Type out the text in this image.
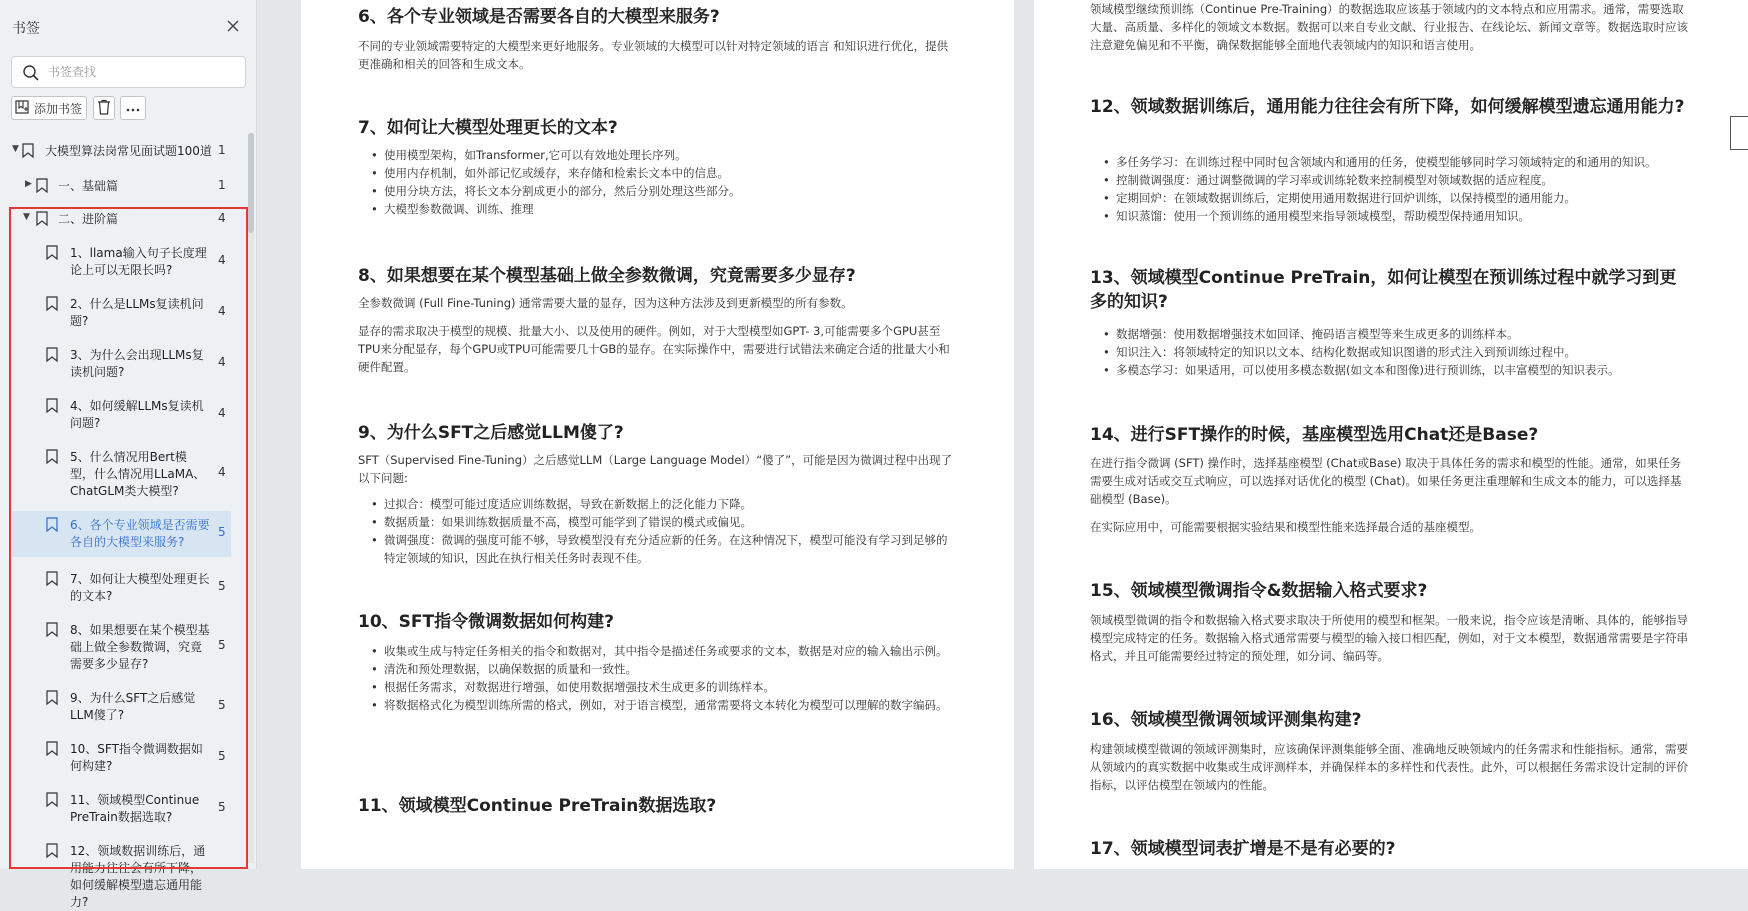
书签
书签查找
添加书签
▼ 大模型算法岗常见面试题100道 1
▶ 一、基础篇	1
▼ 二、进阶篇	4
1、llama输入句子长度理论上可以无限长吗?
4
2、什么是LLMs复读机问题?
4
3、为什么会出现LLMs复读机问题?
4
4、如何缓解LLMs复读机问题?
4
5、什么情况用Bert模型，什么情况用LLaMA、ChatGLM类大模型?
4
6、各个专业领域是否需要各自的大模型来服务?
5
7、如何让大模型处理更长的文本?
5
8、如果想要在某个模型基础上做全参数微调，究竟需要多少显存?
5
9、为什么SFT之后感觉LLM傻了?
5
10、SFT指令微调数据如何构建?
5
11、领域模型Continue PreTrain数据选取?
5
12、领域数据训练后，通用能力往往会有所下降，如何缓解模型遗忘通用能力?
6、各个专业领域是否需要各自的大模型来服务?

不同的专业领域需要特定的大模型来更好地服务。专业领域的大模型可以针对特定领域的语言 和知识进行优化，提供更准确和相关的回答和生成文本。

7、如何让大模型处理更长的文本?
• 使用模型架构，如Transformer,它可以有效地处理长序列。
• 使用内存机制，如外部记忆或缓存，来存储和检索长文本中的信息。
• 使用分块方法，将长文本分割成更小的部分，然后分别处理这些部分。
• 大模型参数微调、训练、推理
8、如果想要在某个模型基础上做全参数微调，究竟需要多少显存?

全参数微调 (Full Fine-Tuning) 通常需要大量的显存，因为这种方法涉及到更新模型的所有参数。

显存的需求取决于模型的规模、批量大小、以及使用的硬件。例如，对于大型模型如GPT- 3,可能需要多个GPU甚至TPU来分配显存，每个GPU或TPU可能需要几十GB的显存。在实际操作中，需要进行试错法来确定合适的批量大小和硬件配置。

9、为什么SFT之后感觉LLM傻了?

SFT（Supervised Fine-Tuning）之后感觉LLM（Large Language Model）“傻了”，可能是因为微调过程中出现了以下问题:

• 过拟合：模型可能过度适应训练数据，导致在新数据上的泛化能力下降。
• 数据质量：如果训练数据质量不高，模型可能学到了错误的模式或偏见。
• 微调强度：微调的强度可能不够，导致模型没有充分适应新的任务。在这种情况下，模型可能没有学习到足够的特定领域的知识，因此在执行相关任务时表现不佳。
10、SFT指令微调数据如何构建?
• 收集或生成与特定任务相关的指令和数据对，其中指令是描述任务或要求的文本，数据是对应的输入输出示例。
• 清洗和预处理数据，以确保数据的质量和一致性。
• 根据任务需求，对数据进行增强，如使用数据增强技术生成更多的训练样本。
• 将数据格式化为模型训练所需的格式，例如，对于语言模型，通常需要将文本转化为模型可以理解的数字编码。
11、领域模型Continue PreTrain数据选取?

领域模型继续预训练（Continue Pre-Training）的数据选取应该基于领域内的文本特点和应用需求。通常，需要选取大量、高质量、多样化的领域文本数据。数据可以来自专业文献、行业报告、在线论坛、新闻文章等。数据选取时应该注意避免偏见和不平衡，确保数据能够全面地代表领域内的知识和语言使用。

12、领域数据训练后，通用能力往往会有所下降，如何缓解模型遗忘通用能力?
• 多任务学习：在训练过程中同时包含领域内和通用的任务，使模型能够同时学习领域特定的和通用的知识。
• 控制微调强度：通过调整微调的学习率或训练轮数来控制模型对领域数据的适应程度。
• 定期回炉：在领域数据训练后，定期使用通用数据进行回炉训练，以保持模型的通用能力。
• 知识蒸馏：使用一个预训练的通用模型来指导领域模型，帮助模型保持通用知识。
13、领域模型Continue PreTrain，如何让模型在预训练过程中就学习到更多的知识?
• 数据增强：使用数据增强技术如回译、掩码语言模型等来生成更多的训练样本。
• 知识注入：将领域特定的知识以文本、结构化数据或知识图谱的形式注入到预训练过程中。
• 多模态学习：如果适用，可以使用多模态数据(如文本和图像)进行预训练，以丰富模型的知识表示。
14、进行SFT操作的时候，基座模型选用Chat还是Base?

在进行指令微调 (SFT) 操作时，选择基座模型 (Chat或Base) 取决于具体任务的需求和模型的性能。通常，如果任务需要生成对话或交互式响应，可以选择对话优化的模型 (Chat)。如果任务更注重理解和生成文本的能力，可以选择基础模型 (Base)。

在实际应用中，可能需要根据实验结果和模型性能来选择最合适的基座模型。

15、领域模型微调指令&数据输入格式要求?

领域模型微调的指令和数据输入格式要求取决于所使用的模型和框架。一般来说，指令应该是清晰、具体的，能够指导模型完成特定的任务。数据输入格式通常需要与模型的输入接口相匹配，例如，对于文本模型，数据通常需要是字符串格式，并且可能需要经过特定的预处理，如分词、编码等。

16、领域模型微调领域评测集构建?

构建领域模型微调的领域评测集时，应该确保评测集能够全面、准确地反映领域内的任务需求和性能指标。通常，需要从领域内的真实数据中收集或生成评测样本，并确保样本的多样性和代表性。此外，可以根据任务需求设计定制的评价指标，以评估模型在领域内的性能。

17、领域模型词表扩增是不是有必要的?
